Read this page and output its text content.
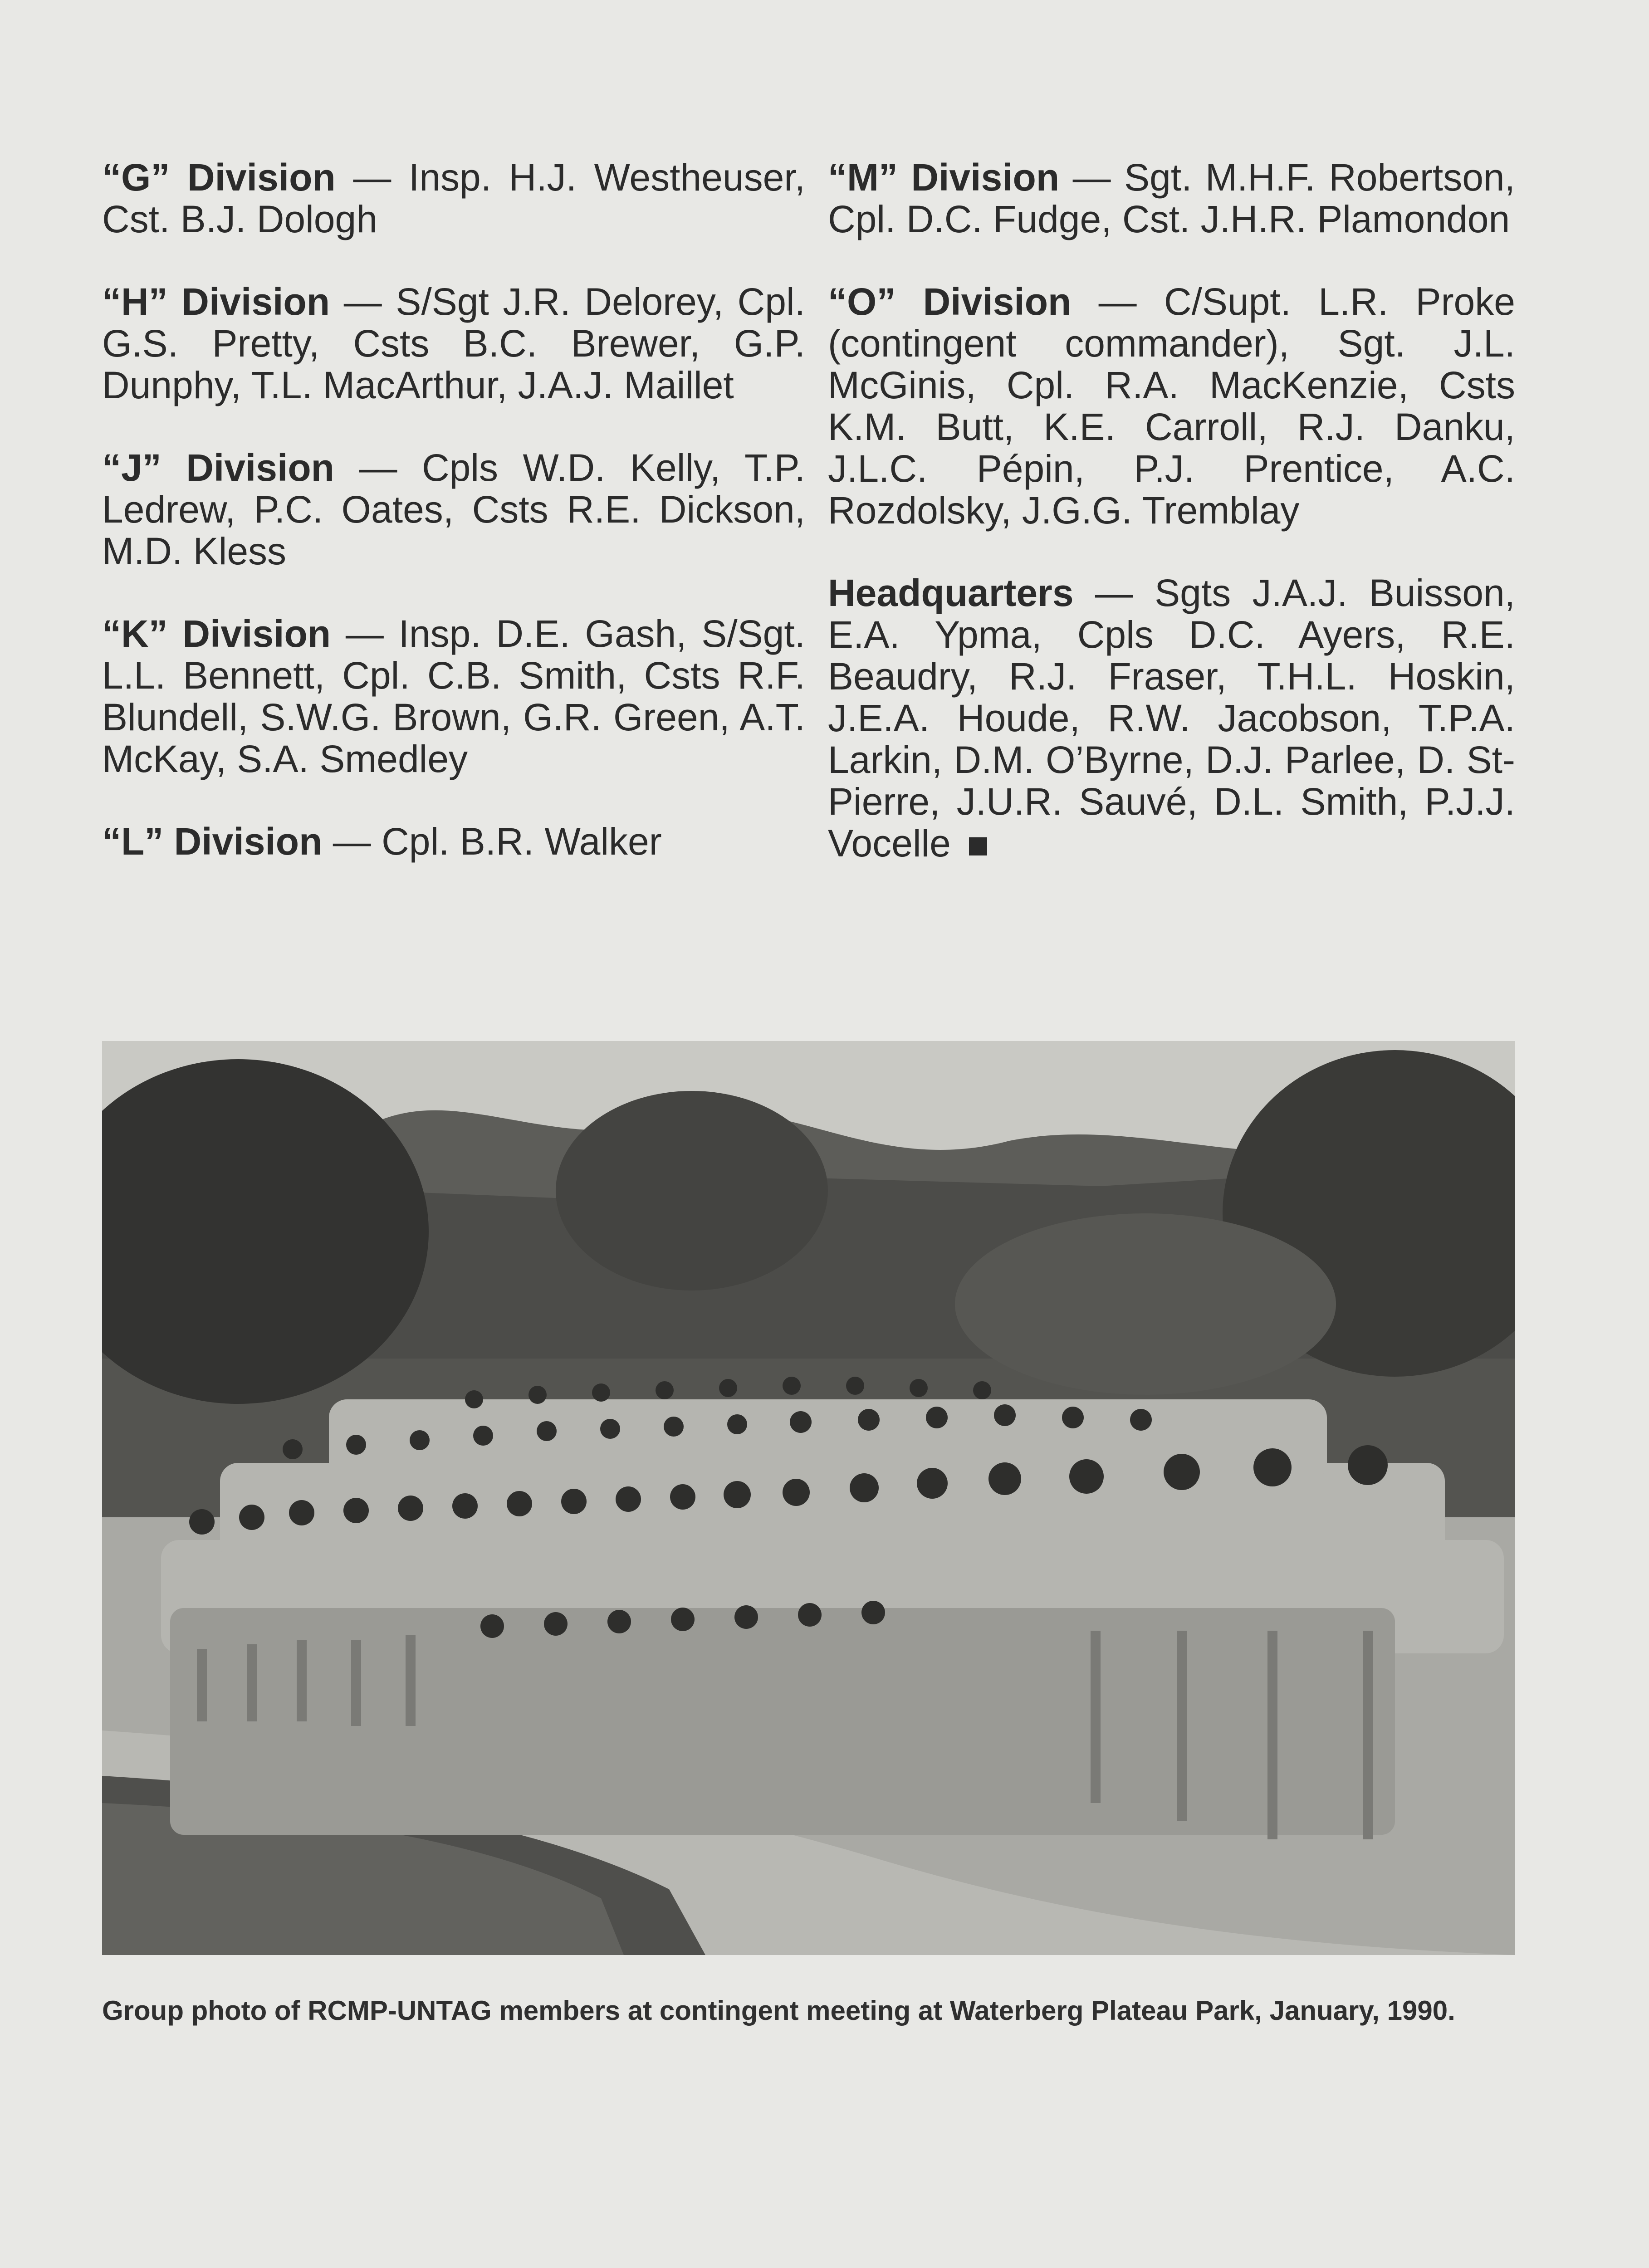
“G” Division — Insp. H.J. Westheuser, Cst. B.J. Dologh

“H” Division — S/Sgt J.R. Delorey, Cpl. G.S. Pretty, Csts B.C. Brewer, G.P. Dunphy, T.L. MacArthur, J.A.J. Maillet

“J” Division — Cpls W.D. Kelly, T.P. Ledrew, P.C. Oates, Csts R.E. Dickson, M.D. Kless

“K” Division — Insp. D.E. Gash, S/Sgt. L.L. Bennett, Cpl. C.B. Smith, Csts R.F. Blundell, S.W.G. Brown, G.R. Green, A.T. McKay, S.A. Smedley

“L” Division — Cpl. B.R. Walker

“M” Division — Sgt. M.H.F. Robertson, Cpl. D.C. Fudge, Cst. J.H.R. Plamondon

“O” Division — C/Supt. L.R. Proke (contingent commander), Sgt. J.L. McGinis, Cpl. R.A. MacKenzie, Csts K.M. Butt, K.E. Carroll, R.J. Danku, J.L.C. Pépin, P.J. Prentice, A.C. Rozdolsky, J.G.G. Tremblay

Headquarters — Sgts J.A.J. Buisson, E.A. Ypma, Cpls D.C. Ayers, R.E. Beaudry, R.J. Fraser, T.H.L. Hoskin, J.E.A. Houde, R.W. Jacobson, T.P.A. Larkin, D.M. O’Byrne, D.J. Parlee, D. St-Pierre, J.U.R. Sauvé, D.L. Smith, P.J.J. Vocelle

Group photo of RCMP-UNTAG members at contingent meeting at Waterberg Plateau Park, January, 1990.
